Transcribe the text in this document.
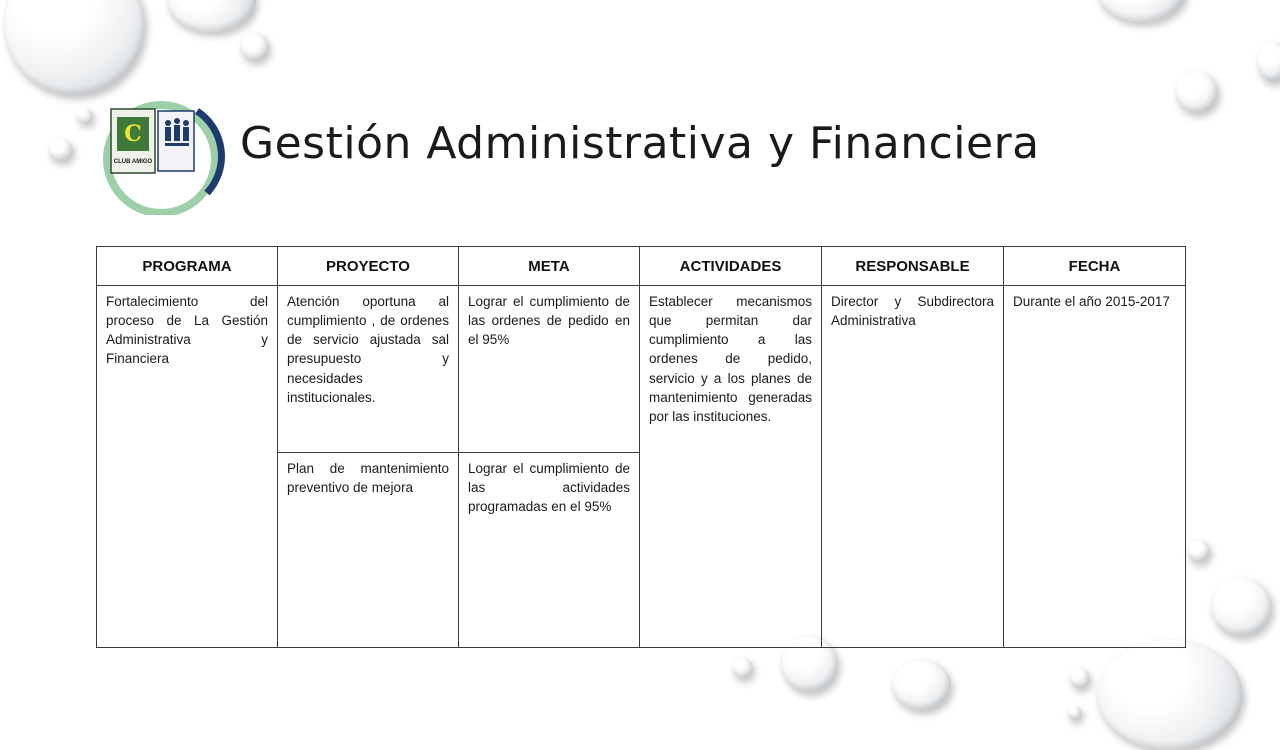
C
CLUB AMIGO Gestión Administrativa y Financiera
PROGRAMA	PROYECTO	META	ACTIVIDADES	RESPONSABLE	FECHA
Fortalecimiento del proceso de La Gestión Administrativa y Financiera	Atención oportuna al cumplimiento , de ordenes de servicio ajustada sal presupuesto y necesidades institucionales.	Lograr el cumplimiento de las ordenes de pedido en el 95%	Establecer mecanismos que permitan dar cumplimiento a las ordenes de pedido, servicio y a los planes de mantenimiento generadas por las instituciones.	Director y Subdirectora Administrativa	Durante el año 2015-2017
	Plan de mantenimiento preventivo de mejora	Lograr el cumplimiento de las actividades programadas en el 95%			
